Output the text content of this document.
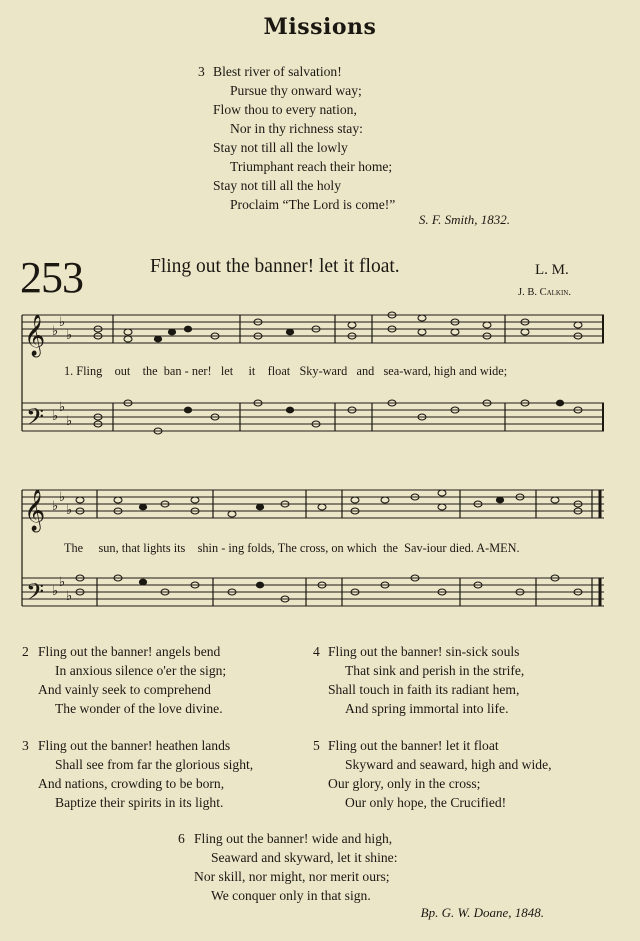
Missions
3 Blest river of salvation!
Pursue thy onward way;
Flow thou to every nation,
Nor in thy richness stay:
Stay not till all the lowly
Triumphant reach their home;
Stay not till all the holy
Proclaim “The Lord is come!”
S. F. Smith, 1832.
253	Fling out the banner! let it float.	L. M.
J. B. Calkin.
𝄞
𝄢
♭
♭
♭
♭
♭
♭
1. Fling out the ban - ner! let it float Sky-ward and sea-ward, high and wide;
𝄞
𝄢
♭
♭
♭
♭
♭
♭
The sun, that lights its shin - ing folds, The cross, on which the Sav-iour died. A-MEN.
2 Fling out the banner! angels bend
In anxious silence o'er the sign;
And vainly seek to comprehend
The wonder of the love divine.
4 Fling out the banner! sin-sick souls
That sink and perish in the strife,
Shall touch in faith its radiant hem,
And spring immortal into life.
3 Fling out the banner! heathen lands
Shall see from far the glorious sight,
And nations, crowding to be born,
Baptize their spirits in its light.
5 Fling out the banner! let it float
Skyward and seaward, high and wide,
Our glory, only in the cross;
Our only hope, the Crucified!
6 Fling out the banner! wide and high,
Seaward and skyward, let it shine:
Nor skill, nor might, nor merit ours;
We conquer only in that sign.
Bp. G. W. Doane, 1848.
